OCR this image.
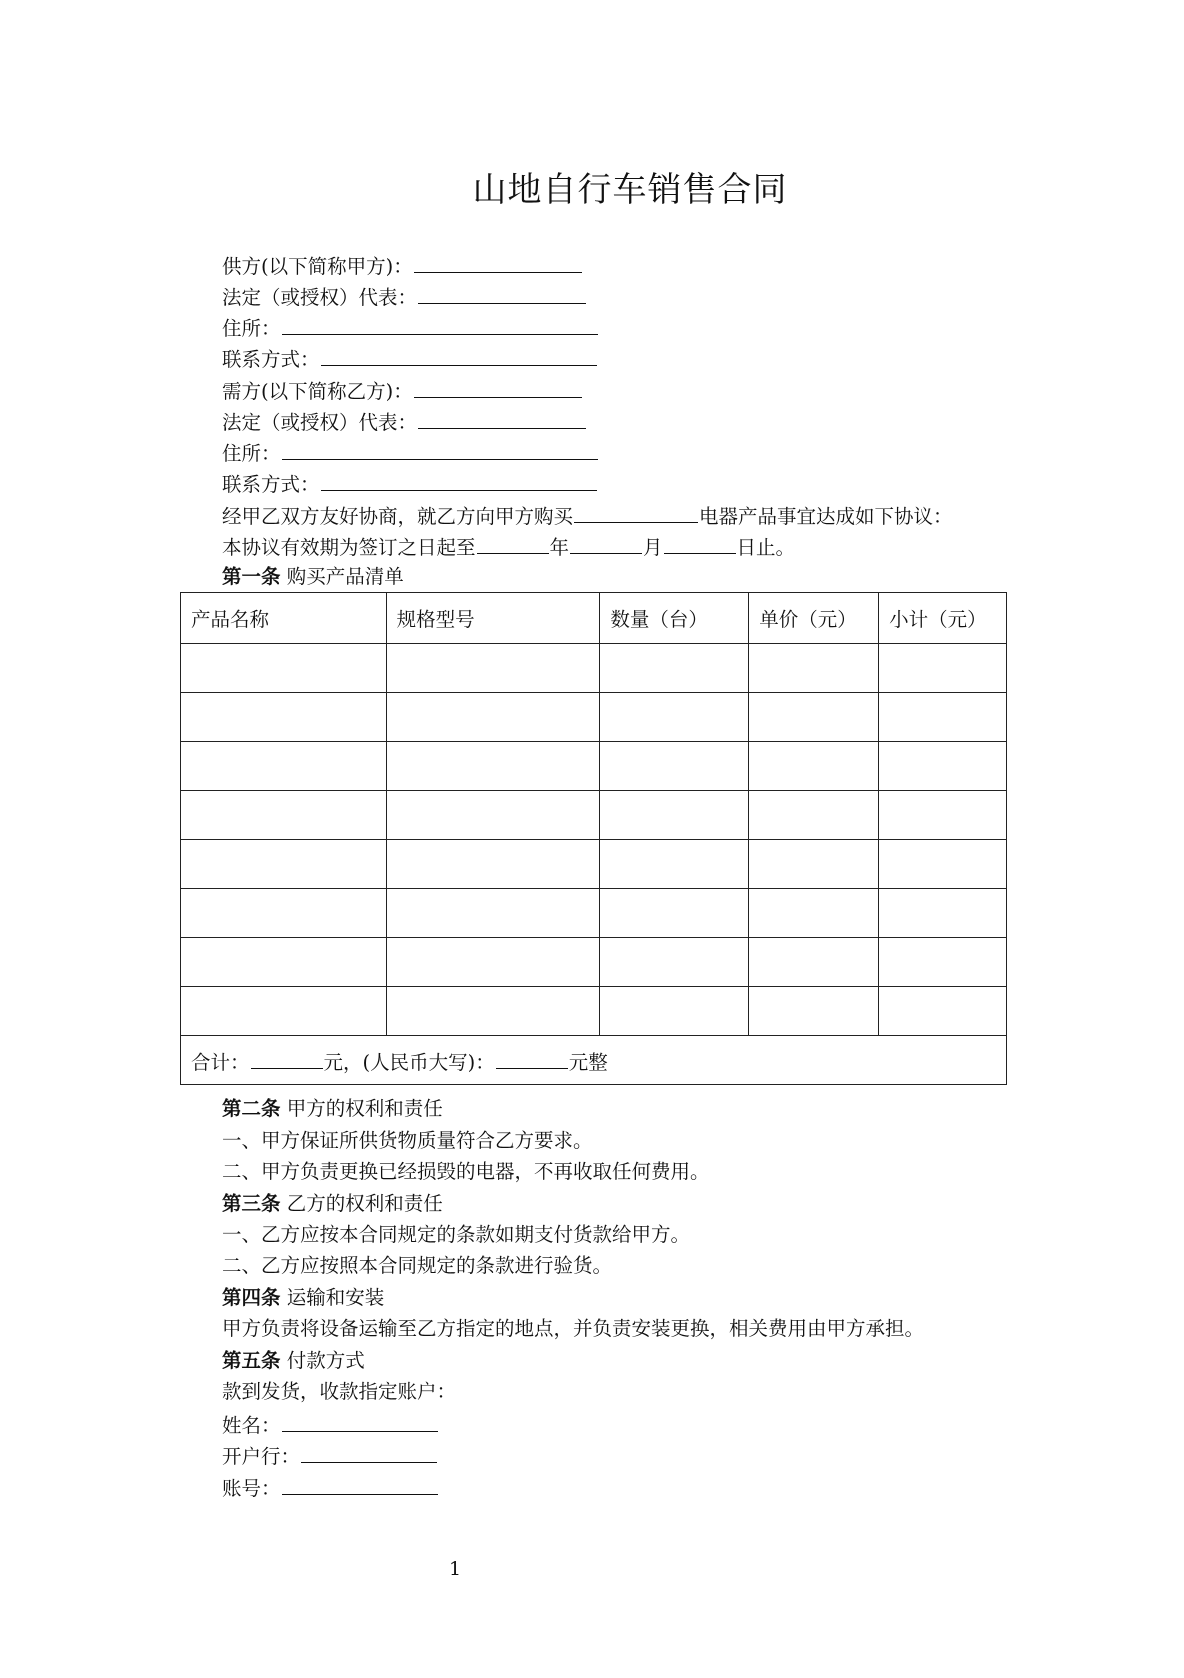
山地自行车销售合同
供方(以下简称甲方)：
法定（或授权）代表：
住所：
联系方式：
需方(以下简称乙方)：
法定（或授权）代表：
住所：
联系方式：
经甲乙双方友好协商，就乙方向甲方购买	电器产品事宜达成如下协议：
本协议有效期为签订之日起至	年	月	日止。
第一条 购买产品清单
产品名称	规格型号	数量（台）	单价（元）	小计（元）

合计： 元，(人民币大写)： 元整				
第二条 甲方的权利和责任
一、甲方保证所供货物质量符合乙方要求。
二、甲方负责更换已经损毁的电器，不再收取任何费用。
第三条 乙方的权利和责任
一、乙方应按本合同规定的条款如期支付货款给甲方。
二、乙方应按照本合同规定的条款进行验货。
第四条 运输和安装
甲方负责将设备运输至乙方指定的地点，并负责安装更换，相关费用由甲方承担。
第五条 付款方式
款到发货，收款指定账户：
姓名：
开户行：
账号：
1
